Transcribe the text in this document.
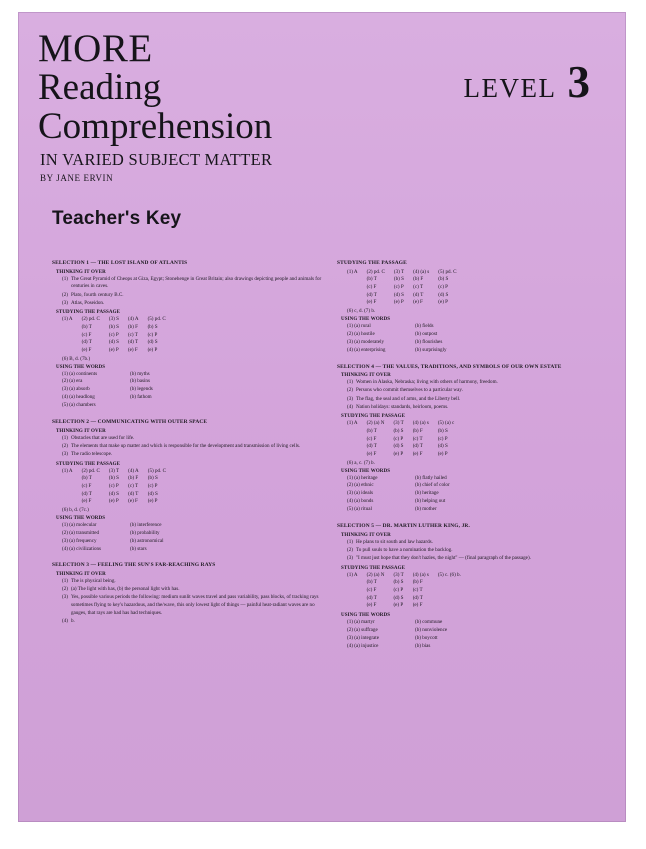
MORE
Reading
Comprehension
IN VARIED SUBJECT MATTER
BY JANE ERVIN
LEVEL 3
Teacher's Key
SELECTION 1 — THE LOST ISLAND OF ATLANTIS
THINKING IT OVER
(1) The Great Pyramid of Cheops at Giza, Egypt; Stonehenge in Great Britain; also drawings depicting people and animals for centuries in caves.
(2) Plato, fourth century B.C.
(3) Atlas, Poseidon.
STUDYING THE PASSAGE
(1) A (2) pd. C (3) S (4) A (5) pd. C
(b) T	(b) S (b) F (b) S
(c) F	(c) P (c) T (c) P
(d) T	(d) S (d) T (d) S
(e) F	(e) P (e) F (e) P
(6) B, d. (7b.)
USING THE WORDS
(1) (a) continents	(b) myths
(2) (a) era	(b) basins
(3) (a) absorb	(b) legends
(4) (a) headlong	(b) fathom
(5) (a) chambers
SELECTION 2 — COMMUNICATING WITH OUTER SPACE
THINKING IT OVER
(1) Obstacles that are used for life.
(2) The elements that make up matter and which is responsible for the development and transmission of living cells.
(3) The radio telescope.
STUDYING THE PASSAGE
(1) A (2) pd. C (3) T (4) A (5) pd. C
(b) T	(b) S (b) F (b) S
(c) F	(c) P (c) T (c) P
(d) T	(d) S (d) T (d) S
(e) F	(e) P (e) F (e) P
(6) b, d. (7c.)
USING THE WORDS
(1) (a) molecular	(b) interference
(2) (a) transmitted	(b) probability
(3) (a) frequency	(b) astronomical
(4) (a) civilizations	(b) stars
SELECTION 3 — FEELING THE SUN'S FAR-REACHING RAYS
THINKING IT OVER
(1) The is physical being.
(2) (a) The light with has, (b) the personal light with has.
(3) Yes, possible various periods the following: medium sunlit waves travel and pass variability, pass blocks, of tracking rays sometimes flying to key's hazardous, and the/wave, this only lowest light of things — painful heat-radiant waves are no gauges, that rays are had has had techniques.
(4) b.
STUDYING THE PASSAGE
(1) A (2) pd. C (3) T (4) (a) s (5) pd. C
(b) T	(b) S (b) F	(b) S
(c) F	(c) P (c) T	(c) P
(d) T	(d) S (d) T	(d) S
(e) F	(e) P (e) F	(e) P
(6) c, d. (7) b.
USING THE WORDS
(1) (a) rural	(b) fields
(2) (a) hostile	(b) outpost
(3) (a) moderately	(b) flourishes
(4) (a) enterprising	(b) surprisingly
SELECTION 4 — THE VALUES, TRADITIONS, AND SYMBOLS OF OUR OWN ESTATE
THINKING IT OVER
(1) Women in Alaska, Nebraska; living with others of harmony, freedom.
(2) Persons who commit themselves to a particular way.
(3) The flag, the seal and of arms, and the Liberty bell.
(4) Nation holidays: standards, heirloom, poems.
STUDYING THE PASSAGE
(1) A (2) (a) N (3) T (4) (a) s (5) (a) c
(b) T	(b) S (b) F	(b) S
(c) F	(c) P (c) T	(c) P
(d) T	(d) S (d) T	(d) S
(e) F	(e) P (e) F	(e) P
(6) a, c. (7) b.
USING THE WORDS
(1) (a) heritage	(b) flatly hailed
(2) (a) ethnic	(b) chief of color
(3) (a) ideals	(b) heritage
(4) (a) bonds	(b) helping out
(5) (a) ritual	(b) mother
SELECTION 5 — DR. MARTIN LUTHER KING, JR.
THINKING IT OVER
(1) He plans to sit south and law hazards.
(2) To pull souls to have a nomination the backlog.
(3) "I must just hope that they don't hazles, the night" — (final paragraph of the passage).
STUDYING THE PASSAGE
(1) A (2) (a) N (3) T (4) (a) s (5) c. (6) b.
(b) T	(b) S (b) F
(c) F	(c) P (c) T
(d) T	(d) S (d) T
(e) F	(e) P (e) F
USING THE WORDS
(1) (a) martyr	(b) commune
(2) (a) suffrage	(b) nonviolence
(3) (a) integrate	(b) boycott
(4) (a) injustice	(b) bias
